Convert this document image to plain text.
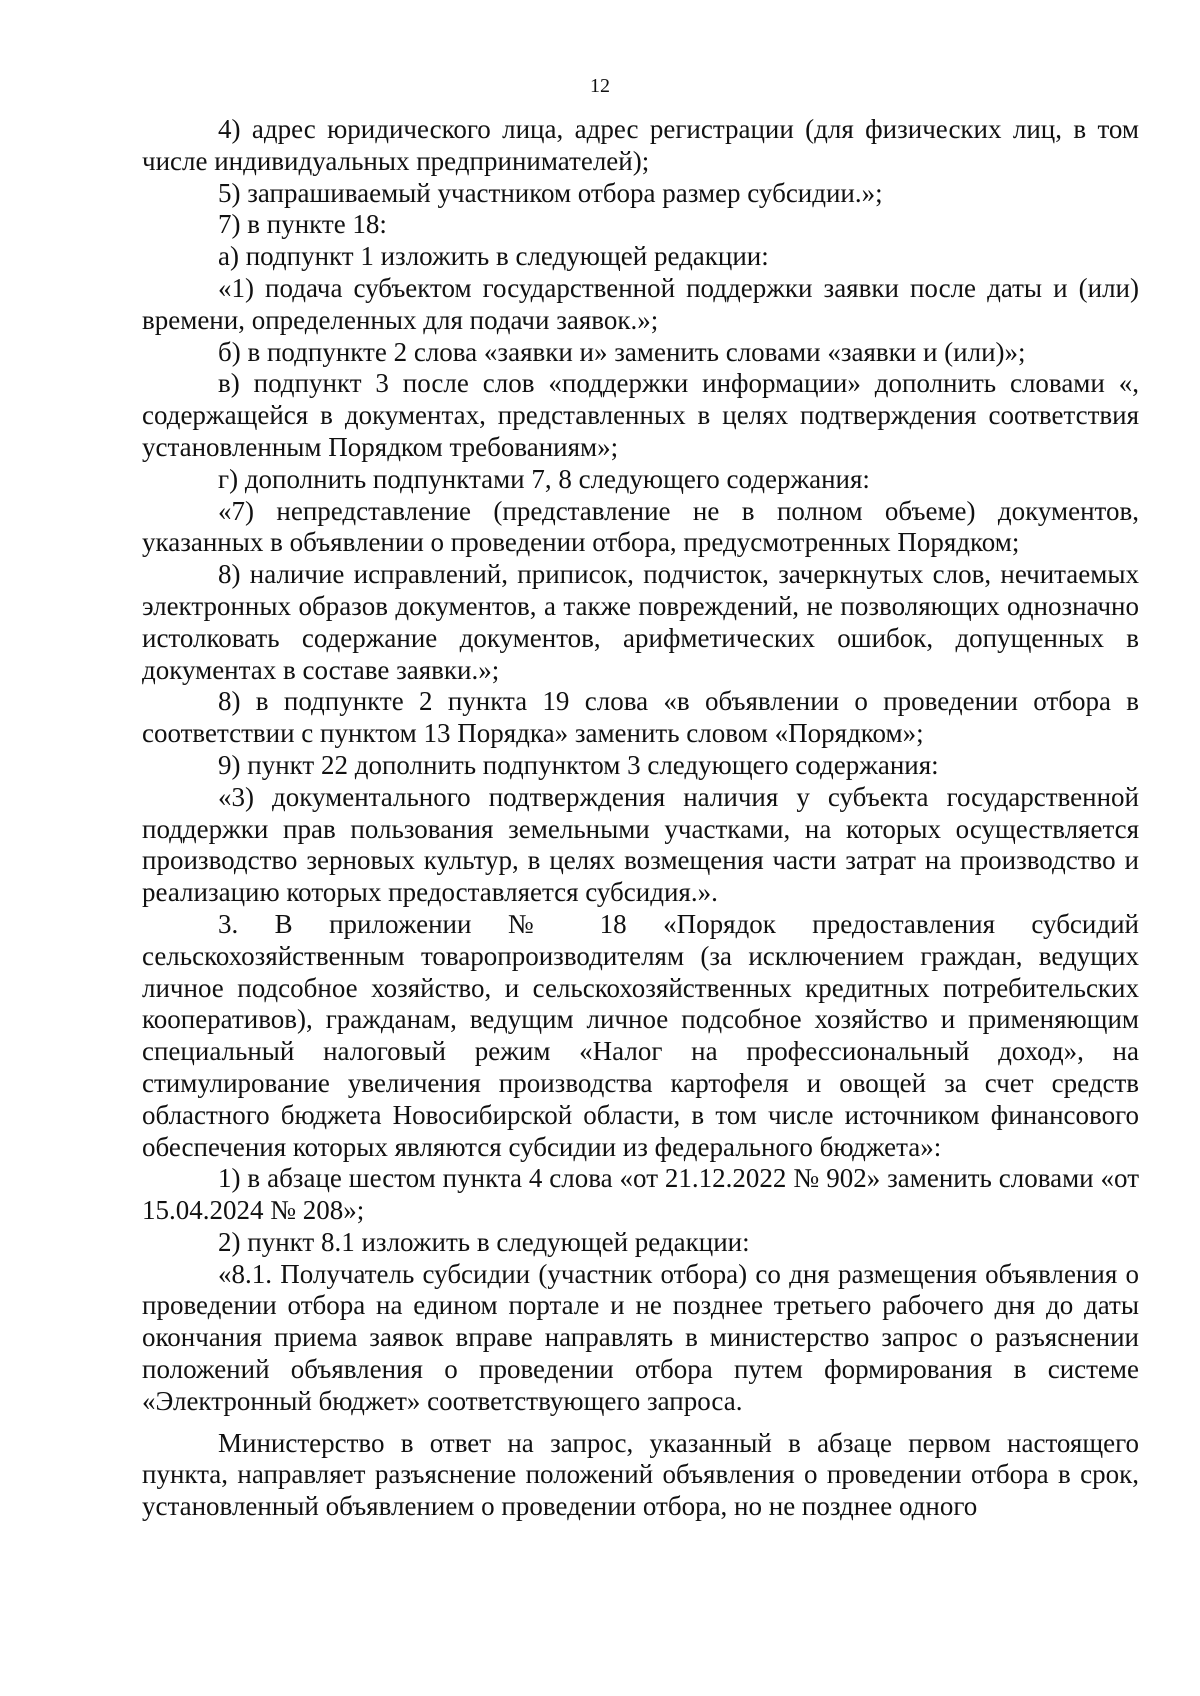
12

4) адрес юридического лица, адрес регистрации (для физических лиц, в том числе индивидуальных предпринимателей);

5) запрашиваемый участником отбора размер субсидии.»;

7) в пункте 18:

а) подпункт 1 изложить в следующей редакции:

«1) подача субъектом государственной поддержки заявки после даты и (или) времени, определенных для подачи заявок.»;

б) в подпункте 2 слова «заявки и» заменить словами «заявки и (или)»;

в) подпункт 3 после слов «поддержки информации» дополнить словами «, содержащейся в документах, представленных в целях подтверждения соответствия установленным Порядком требованиям»;

г) дополнить подпунктами 7, 8 следующего содержания:

«7) непредставление (представление не в полном объеме) документов, указанных в объявлении о проведении отбора, предусмотренных Порядком;

8) наличие исправлений, приписок, подчисток, зачеркнутых слов, нечитаемых электронных образов документов, а также повреждений, не позволяющих однозначно истолковать содержание документов, арифметических ошибок, допущенных в документах в составе заявки.»;

8) в подпункте 2 пункта 19 слова «в объявлении о проведении отбора в соответствии с пунктом 13 Порядка» заменить словом «Порядком»;

9) пункт 22 дополнить подпунктом 3 следующего содержания:

«3) документального подтверждения наличия у субъекта государственной поддержки прав пользования земельными участками, на которых осуществляется производство зерновых культур, в целях возмещения части затрат на производство и реализацию которых предоставляется субсидия.».

3. В приложении № 18 «Порядок предоставления субсидий сельскохозяйственным товаропроизводителям (за исключением граждан, ведущих личное подсобное хозяйство, и сельскохозяйственных кредитных потребительских кооперативов), гражданам, ведущим личное подсобное хозяйство и применяющим специальный налоговый режим «Налог на профессиональный доход», на стимулирование увеличения производства картофеля и овощей за счет средств областного бюджета Новосибирской области, в том числе источником финансового обеспечения которых являются субсидии из федерального бюджета»:

1) в абзаце шестом пункта 4 слова «от 21.12.2022 № 902» заменить словами «от 15.04.2024 № 208»;

2) пункт 8.1 изложить в следующей редакции:

«8.1. Получатель субсидии (участник отбора) со дня размещения объявления о проведении отбора на едином портале и не позднее третьего рабочего дня до даты окончания приема заявок вправе направлять в министерство запрос о разъяснении положений объявления о проведении отбора путем формирования в системе «Электронный бюджет» соответствующего запроса.

Министерство в ответ на запрос, указанный в абзаце первом настоящего пункта, направляет разъяснение положений объявления о проведении отбора в срок, установленный объявлением о проведении отбора, но не позднее одного
